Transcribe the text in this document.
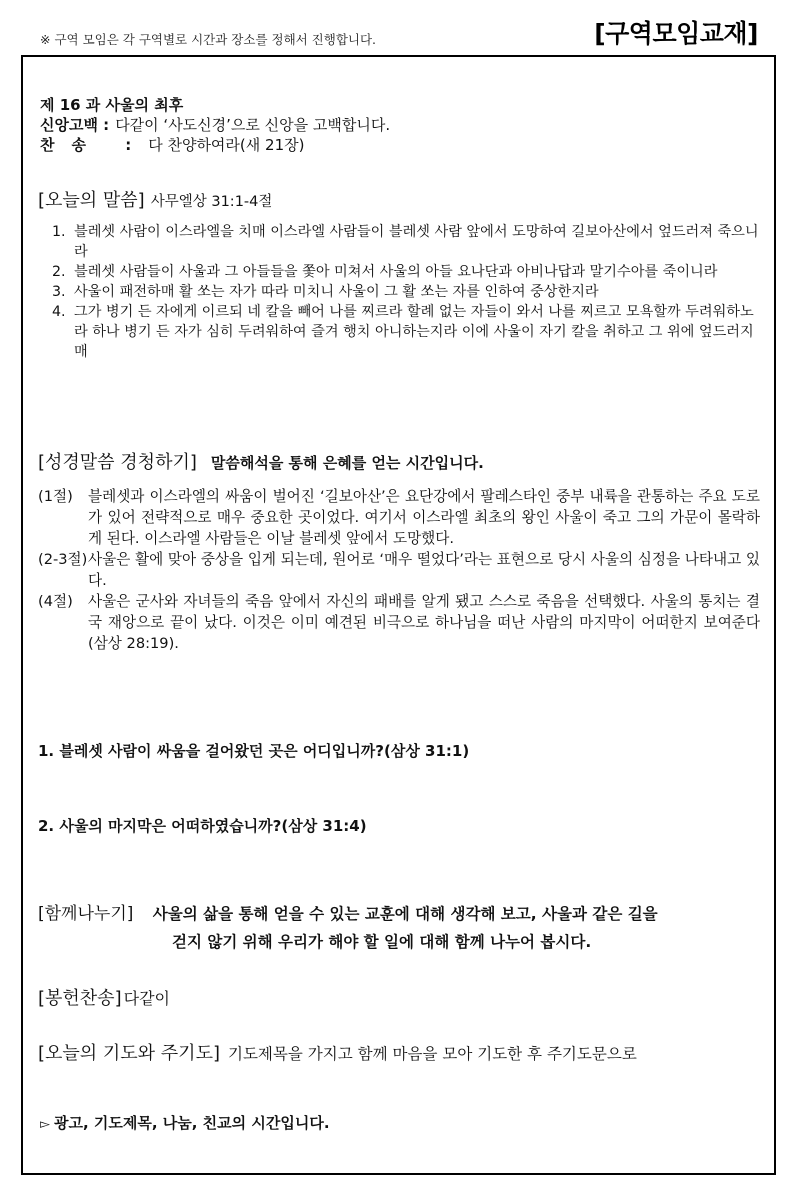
※ 구역 모임은 각 구역별로 시간과 장소를 정해서 진행합니다.	[구역모임교재]
제 16 과 사울의 최후
신앙고백 : 다같이 ‘사도신경’으로 신앙을 고백합니다.
찬송 :다 찬양하여라(새 21장)
[오늘의 말씀] 사무엘상 31:1-4절
1. 블레셋 사람이 이스라엘을 치매 이스라엘 사람들이 블레셋 사람 앞에서 도망하여 길보아산에서 엎드러져 죽으니라
2. 블레셋 사람들이 사울과 그 아들들을 쫓아 미쳐서 사울의 아들 요나단과 아비나답과 말기수아를 죽이니라
3. 사울이 패전하매 활 쏘는 자가 따라 미치니 사울이 그 활 쏘는 자를 인하여 중상한지라
4. 그가 병기 든 자에게 이르되 네 칼을 빼어 나를 찌르라 할례 없는 자들이 와서 나를 찌르고 모욕할까 두려워하노라 하나 병기 든 자가 심히 두려워하여 즐겨 행치 아니하는지라 이에 사울이 자기 칼을 취하고 그 위에 엎드러지매
[성경말씀 경청하기] 말씀해석을 통해 은혜를 얻는 시간입니다.

(1절) 블레셋과 이스라엘의 싸움이 벌어진 ‘길보아산’은 요단강에서 팔레스타인 중부 내륙을 관통하는 주요 도로가 있어 전략적으로 매우 중요한 곳이었다. 여기서 이스라엘 최초의 왕인 사울이 죽고 그의 가문이 몰락하게 된다. 이스라엘 사람들은 이날 블레셋 앞에서 도망했다.

(2-3절) 사울은 활에 맞아 중상을 입게 되는데, 원어로 ‘매우 떨었다’라는 표현으로 당시 사울의 심정을 나타내고 있다.

(4절) 사울은 군사와 자녀들의 죽음 앞에서 자신의 패배를 알게 됐고 스스로 죽음을 선택했다. 사울의 통치는 결국 재앙으로 끝이 났다. 이것은 이미 예견된 비극으로 하나님을 떠난 사람의 마지막이 어떠한지 보여준다(삼상 28:19).

1. 블레셋 사람이 싸움을 걸어왔던 곳은 어디입니까?(삼상 31:1)
2. 사울의 마지막은 어떠하였습니까?(삼상 31:4)
[함께나누기] 사울의 삶을 통해 얻을 수 있는 교훈에 대해 생각해 보고, 사울과 같은 길을
걷지 않기 위해 우리가 해야 할 일에 대해 함께 나누어 봅시다.
[봉헌찬송] 다같이
[오늘의 기도와 주기도] 기도제목을 가지고 함께 마음을 모아 기도한 후 주기도문으로
▻ 광고, 기도제목, 나눔, 친교의 시간입니다.
